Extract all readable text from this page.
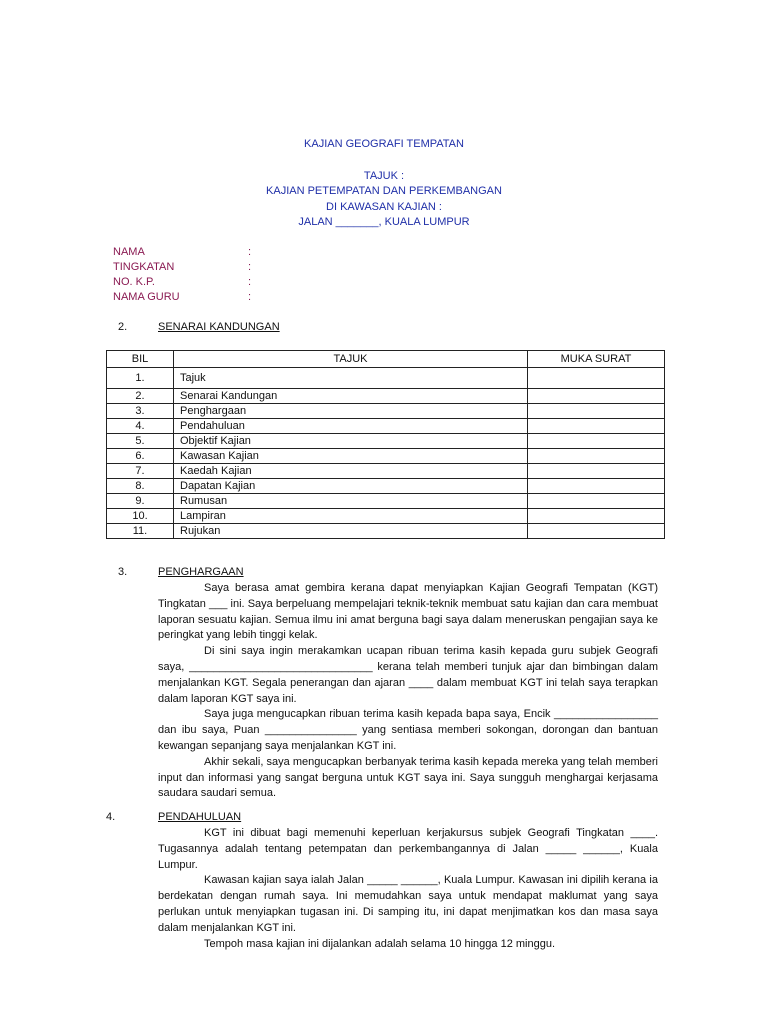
KAJIAN GEOGRAFI TEMPATAN
TAJUK :
KAJIAN PETEMPATAN DAN PERKEMBANGAN
DI KAWASAN KAJIAN :
JALAN _______, KUALA LUMPUR
NAMA	:
TINGKATAN	:
NO. K.P.	:
NAMA GURU	:
2.	SENARAI KANDUNGAN
BIL	TAJUK	MUKA SURAT
1.	Tajuk	
2.	Senarai Kandungan	
3.	Penghargaan	
4.	Pendahuluan	
5.	Objektif Kajian	
6.	Kawasan Kajian	
7.	Kaedah Kajian	
8.	Dapatan Kajian	
9.	Rumusan	
10.	Lampiran	
11.	Rujukan	
3.	PENGHARGAAN

Saya berasa amat gembira kerana dapat menyiapkan Kajian Geografi Tempatan (KGT) Tingkatan ___ ini. Saya berpeluang mempelajari teknik-teknik membuat satu kajian dan cara membuat laporan sesuatu kajian. Semua ilmu ini amat berguna bagi saya dalam meneruskan pengajian saya ke peringkat yang lebih tinggi kelak.

Di sini saya ingin merakamkan ucapan ribuan terima kasih kepada guru subjek Geografi saya, ______________________________ kerana telah memberi tunjuk ajar dan bimbingan dalam menjalankan KGT. Segala penerangan dan ajaran ____ dalam membuat KGT ini telah saya terapkan dalam laporan KGT saya ini.

Saya juga mengucapkan ribuan terima kasih kepada bapa saya, Encik _________________ dan ibu saya, Puan _______________ yang sentiasa memberi sokongan, dorongan dan bantuan kewangan sepanjang saya menjalankan KGT ini.

Akhir sekali, saya mengucapkan berbanyak terima kasih kepada mereka yang telah memberi input dan informasi yang sangat berguna untuk KGT saya ini. Saya sungguh menghargai kerjasama saudara saudari semua.

4.	PENDAHULUAN

KGT ini dibuat bagi memenuhi keperluan kerjakursus subjek Geografi Tingkatan ____. Tugasannya adalah tentang petempatan dan perkembangannya di Jalan _____ ______, Kuala Lumpur.

Kawasan kajian saya ialah Jalan _____ ______, Kuala Lumpur. Kawasan ini dipilih kerana ia berdekatan dengan rumah saya. Ini memudahkan saya untuk mendapat maklumat yang saya perlukan untuk menyiapkan tugasan ini. Di samping itu, ini dapat menjimatkan kos dan masa saya dalam menjalankan KGT ini.

Tempoh masa kajian ini dijalankan adalah selama 10 hingga 12 minggu.
